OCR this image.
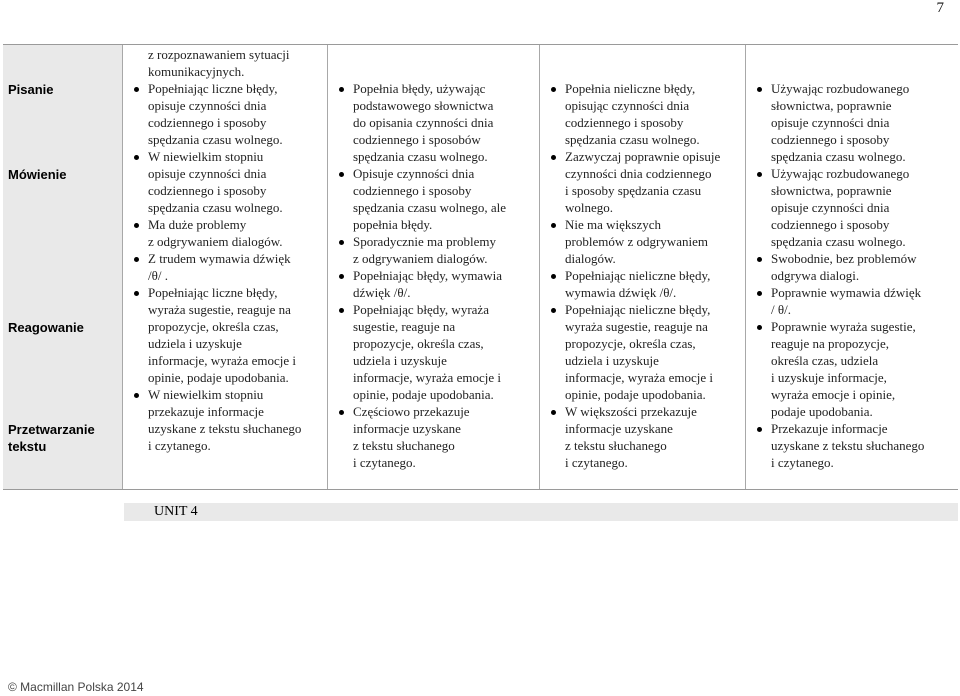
7
Pisanie
Mówienie
Reagowanie
Przetwarzanie
tekstu
z rozpoznawaniem sytuacji
komunikacyjnych.
Popełniając liczne błędy,
opisuje czynności dnia
codziennego i sposoby
spędzania czasu wolnego.
W niewielkim stopniu
opisuje czynności dnia
codziennego i sposoby
spędzania czasu wolnego.
Ma duże problemy
z odgrywaniem dialogów.
Z trudem wymawia dźwięk
/θ/ .
Popełniając liczne błędy,
wyraża sugestie, reaguje na
propozycje, określa czas,
udziela i uzyskuje
informacje, wyraża emocje i
opinie, podaje upodobania.
W niewielkim stopniu
przekazuje informacje
uzyskane z tekstu słuchanego
i czytanego.
Popełnia błędy, używając
podstawowego słownictwa
do opisania czynności dnia
codziennego i sposobów
spędzania czasu wolnego.
Opisuje czynności dnia
codziennego i sposoby
spędzania czasu wolnego, ale
popełnia błędy.
Sporadycznie ma problemy
z odgrywaniem dialogów.
Popełniając błędy, wymawia
dźwięk /θ/.
Popełniając błędy, wyraża
sugestie, reaguje na
propozycje, określa czas,
udziela i uzyskuje
informacje, wyraża emocje i
opinie, podaje upodobania.
Częściowo przekazuje
informacje uzyskane
z tekstu słuchanego
i czytanego.
Popełnia nieliczne błędy,
opisując czynności dnia
codziennego i sposoby
spędzania czasu wolnego.
Zazwyczaj poprawnie opisuje
czynności dnia codziennego
i sposoby spędzania czasu
wolnego.
Nie ma większych
problemów z odgrywaniem
dialogów.
Popełniając nieliczne błędy,
wymawia dźwięk /θ/.
Popełniając nieliczne błędy,
wyraża sugestie, reaguje na
propozycje, określa czas,
udziela i uzyskuje
informacje, wyraża emocje i
opinie, podaje upodobania.
W większości przekazuje
informacje uzyskane
z tekstu słuchanego
i czytanego.
Używając rozbudowanego
słownictwa, poprawnie
opisuje czynności dnia
codziennego i sposoby
spędzania czasu wolnego.
Używając rozbudowanego
słownictwa, poprawnie
opisuje czynności dnia
codziennego i sposoby
spędzania czasu wolnego.
Swobodnie, bez problemów
odgrywa dialogi.
Poprawnie wymawia dźwięk
/ θ/.
Poprawnie wyraża sugestie,
reaguje na propozycje,
określa czas, udziela
i uzyskuje informacje,
wyraża emocje i opinie,
podaje upodobania.
Przekazuje informacje
uzyskane z tekstu słuchanego
i czytanego.
UNIT 4
© Macmillan Polska 2014
